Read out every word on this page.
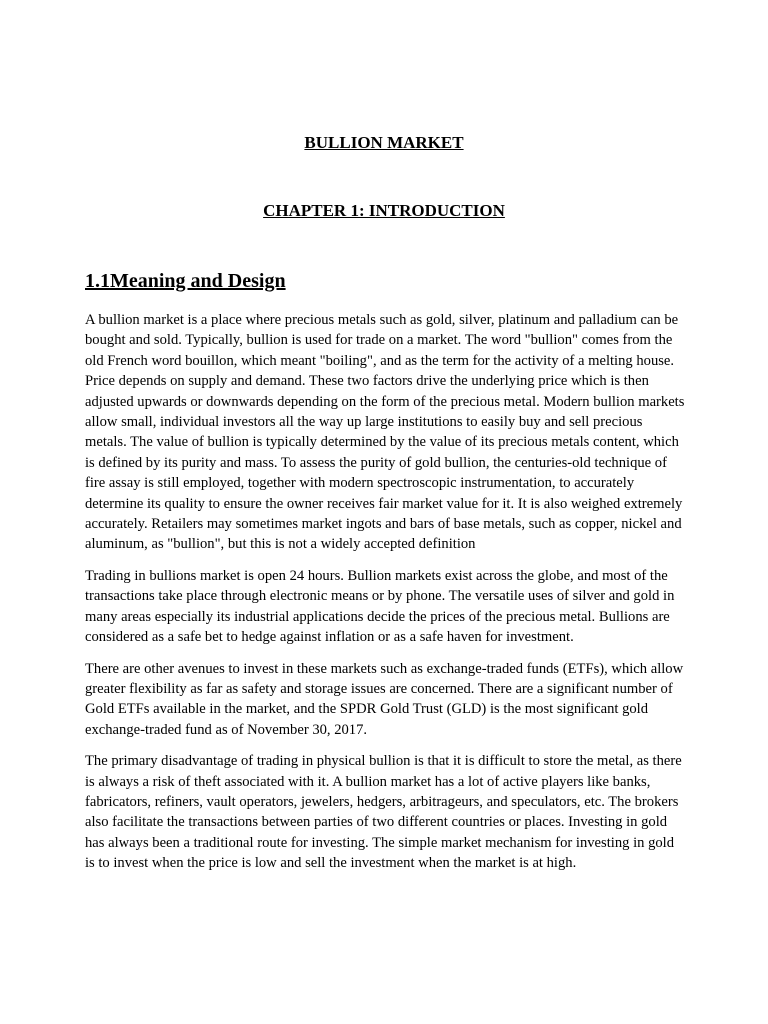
BULLION MARKET
CHAPTER 1: INTRODUCTION
1.1Meaning and Design

A bullion market is a place where precious metals such as gold, silver, platinum and palladium can be bought and sold. Typically, bullion is used for trade on a market. The word "bullion" comes from the old French word bouillon, which meant "boiling", and as the term for the activity of a melting house. Price depends on supply and demand. These two factors drive the underlying price which is then adjusted upwards or downwards depending on the form of the precious metal. Modern bullion markets allow small, individual investors all the way up large institutions to easily buy and sell precious metals. The value of bullion is typically determined by the value of its precious metals content, which is defined by its purity and mass. To assess the purity of gold bullion, the centuries-old technique of fire assay is still employed, together with modern spectroscopic instrumentation, to accurately determine its quality to ensure the owner receives fair market value for it. It is also weighed extremely accurately. Retailers may sometimes market ingots and bars of base metals, such as copper, nickel and aluminum, as "bullion", but this is not a widely accepted definition

Trading in bullions market is open 24 hours. Bullion markets exist across the globe, and most of the transactions take place through electronic means or by phone. The versatile uses of silver and gold in many areas especially its industrial applications decide the prices of the precious metal. Bullions are considered as a safe bet to hedge against inflation or as a safe haven for investment.

There are other avenues to invest in these markets such as exchange-traded funds (ETFs), which allow greater flexibility as far as safety and storage issues are concerned. There are a significant number of Gold ETFs available in the market, and the SPDR Gold Trust (GLD) is the most significant gold exchange-traded fund as of November 30, 2017.

The primary disadvantage of trading in physical bullion is that it is difficult to store the metal, as there is always a risk of theft associated with it. A bullion market has a lot of active players like banks, fabricators, refiners, vault operators, jewelers, hedgers, arbitrageurs, and speculators, etc. The brokers also facilitate the transactions between parties of two different countries or places. Investing in gold has always been a traditional route for investing. The simple market mechanism for investing in gold is to invest when the price is low and sell the investment when the market is at high.
